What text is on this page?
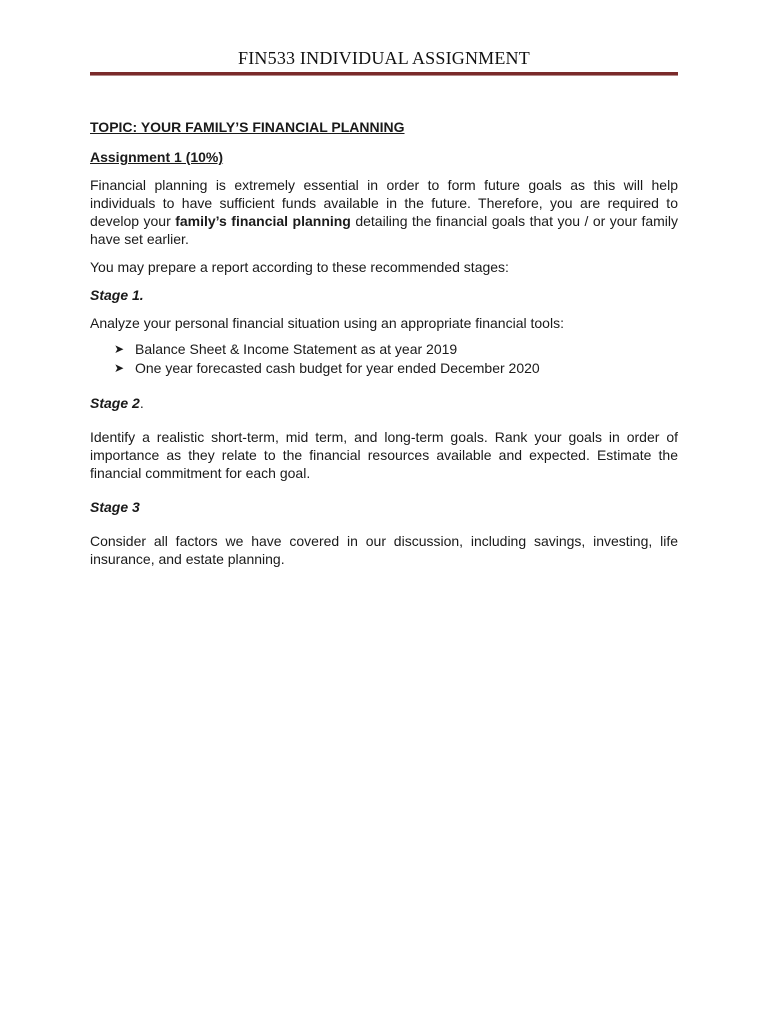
FIN533 INDIVIDUAL ASSIGNMENT
TOPIC: YOUR FAMILY’S FINANCIAL PLANNING
Assignment 1 (10%)

Financial planning is extremely essential in order to form future goals as this will help individuals to have sufficient funds available in the future. Therefore, you are required to develop your family’s financial planning detailing the financial goals that you / or your family have set earlier.

You may prepare a report according to these recommended stages:

Stage 1.

Analyze your personal financial situation using an appropriate financial tools:

➤ Balance Sheet & Income Statement as at year 2019
➤ One year forecasted cash budget for year ended December 2020
Stage 2.

Identify a realistic short-term, mid term, and long-term goals. Rank your goals in order of importance as they relate to the financial resources available and expected. Estimate the financial commitment for each goal.

Stage 3

Consider all factors we have covered in our discussion, including savings, investing, life insurance, and estate planning.
